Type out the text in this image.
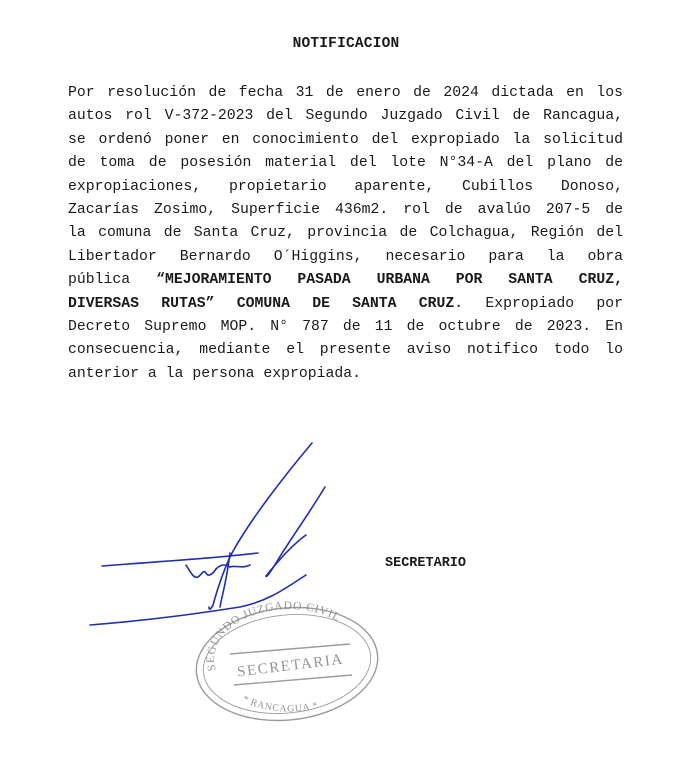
NOTIFICACION
Por resolución de fecha 31 de enero de 2024 dictada en los
autos rol V-372-2023 del Segundo Juzgado Civil de Rancagua,
se ordenó poner en conocimiento del expropiado la solicitud
de toma de posesión material del lote N°34-A del plano de
expropiaciones, propietario aparente, Cubillos Donoso,
Zacarías Zosimo, Superficie 436m2. rol de avalúo 207-5 de
la comuna de Santa Cruz, provincia de Colchagua, Región del
Libertador Bernardo O´Higgins, necesario para la obra
pública “MEJORAMIENTO PASADA URBANA POR SANTA CRUZ,
DIVERSAS RUTAS” COMUNA DE SANTA CRUZ. Expropiado por
Decreto Supremo MOP. N° 787 de 11 de octubre de 2023. En
consecuencia, mediante el presente aviso notifico todo lo
anterior a la persona expropiada.
SEGUNDO JUZGADO CIVIL
SECRETARIA
* RANCAGUA *
SECRETARIO
